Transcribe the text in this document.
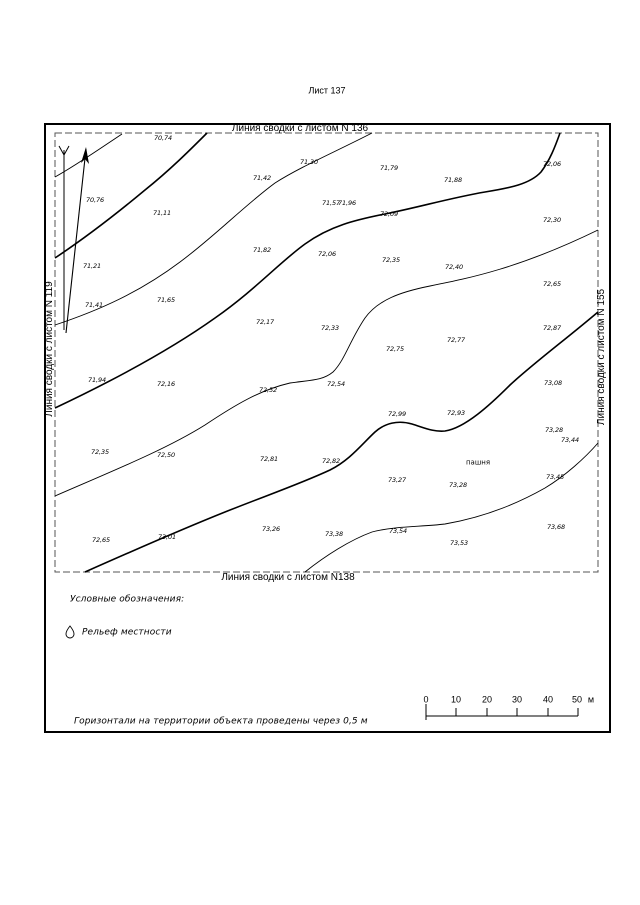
Лист 137
Линия сводки с листом N 136
Линия сводки с листом N138
Линия сводки с листом N 119	Линия сводки с листом N 155
70,74
71,30
71,79
71,88
72,06
70,76
71,42
71,11
71,57
71,96
72,09
72,30
71,82	72,06
72,35
72,40
71,21
72,65
71,41
71,65
72,17
72,33	72,87
72,77
72,75
71,94	72,16	72,54	73,08
72,52
72,99	72,93
73,28
73,44
72,35	72,50	72,81	72,82
73,27
73,28
73,45
72,65	73,01
73,26
73,38	73,54
73,53
73,68
пашня
Условные обозначения:
Рельеф местности
Горизонтали на территории объекта проведены через 0,5 м
0 10 20 30 40 50 м
